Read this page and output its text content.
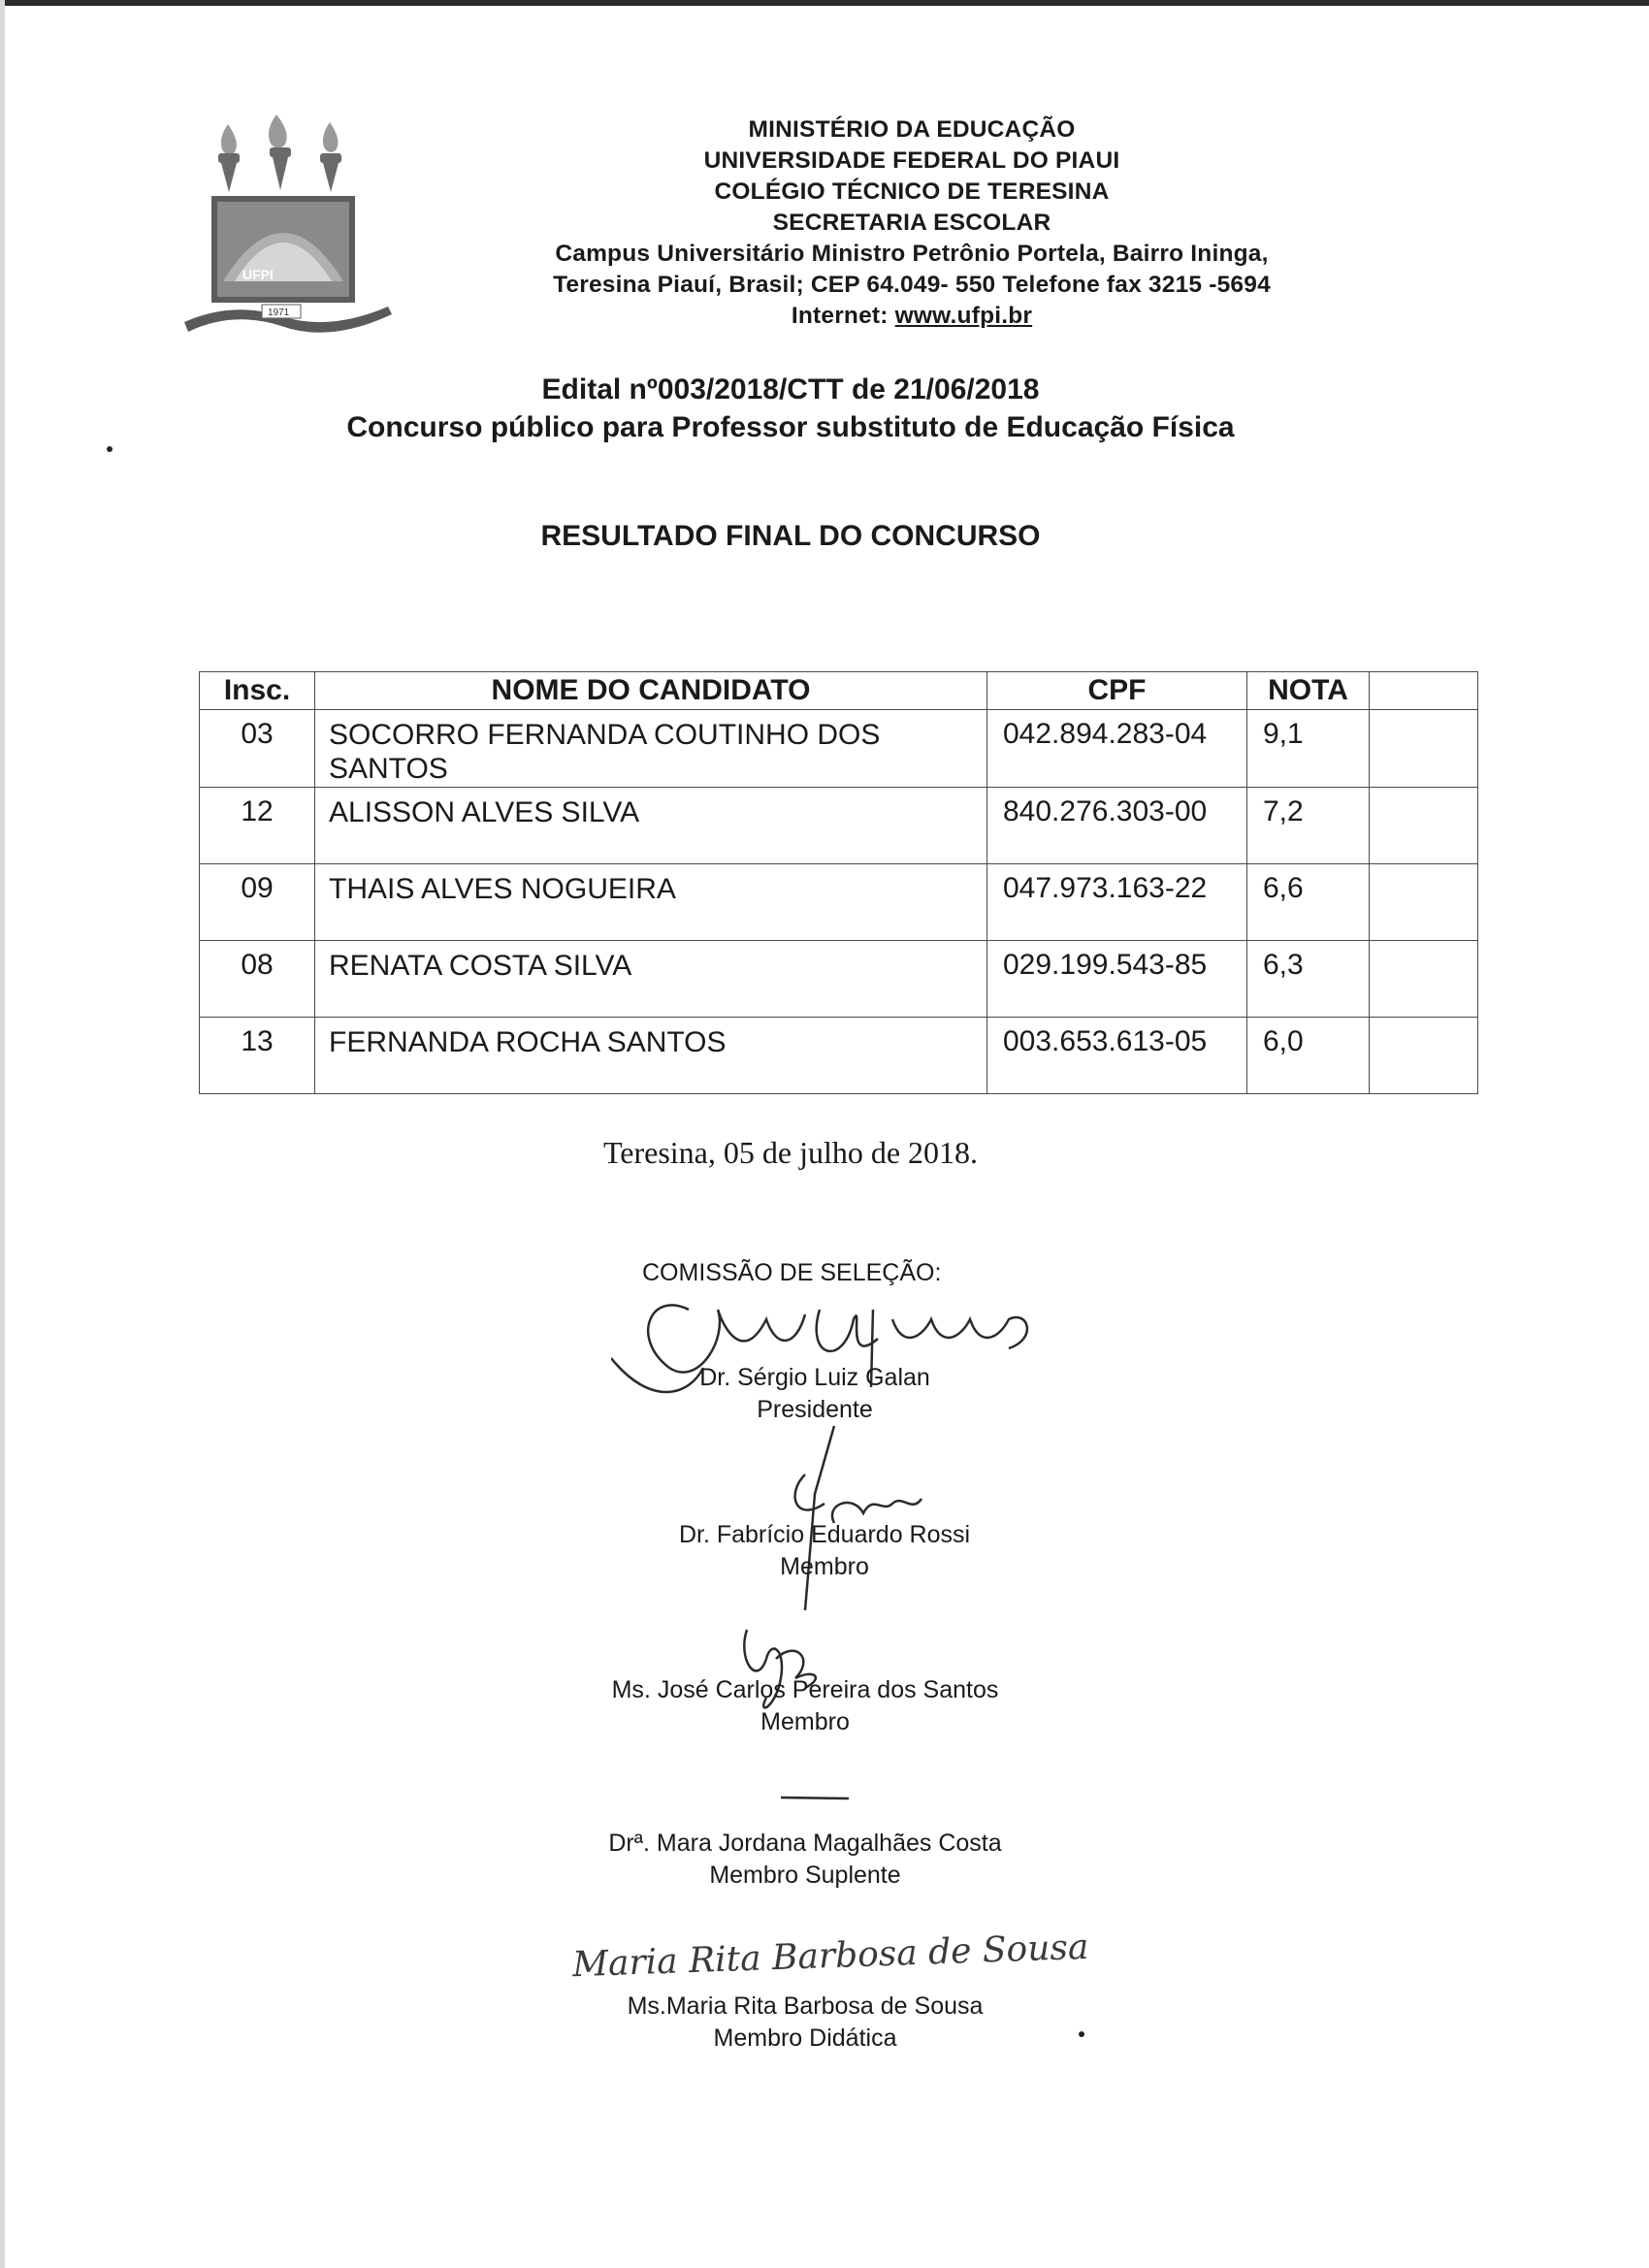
UFPI
1971
MINISTÉRIO DA EDUCAÇÃO
UNIVERSIDADE FEDERAL DO PIAUI
COLÉGIO TÉCNICO DE TERESINA
SECRETARIA ESCOLAR
Campus Universitário Ministro Petrônio Portela, Bairro Ininga,
Teresina Piauí, Brasil; CEP 64.049- 550 Telefone fax 3215 -5694
Internet: www.ufpi.br
Edital nº003/2018/CTT de 21/06/2018
Concurso público para Professor substituto de Educação Física
RESULTADO FINAL DO CONCURSO
Insc.	NOME DO CANDIDATO	CPF	NOTA	
03	SOCORRO FERNANDA COUTINHO DOS SANTOS	042.894.283-04	9,1	
12	ALISSON ALVES SILVA	840.276.303-00	7,2	
09	THAIS ALVES NOGUEIRA	047.973.163-22	6,6	
08	RENATA COSTA SILVA	029.199.543-85	6,3	
13	FERNANDA ROCHA SANTOS	003.653.613-05	6,0	
Teresina, 05 de julho de 2018.
COMISSÃO DE SELEÇÃO:
Dr. Sérgio Luiz Galan
Presidente
Dr. Fabrício Eduardo Rossi
Membro
Ms. José Carlos Pereira dos Santos
Membro
Drª. Mara Jordana Magalhães Costa
Membro Suplente
Maria Rita Barbosa de Sousa
Ms.Maria Rita Barbosa de Sousa
Membro Didática
